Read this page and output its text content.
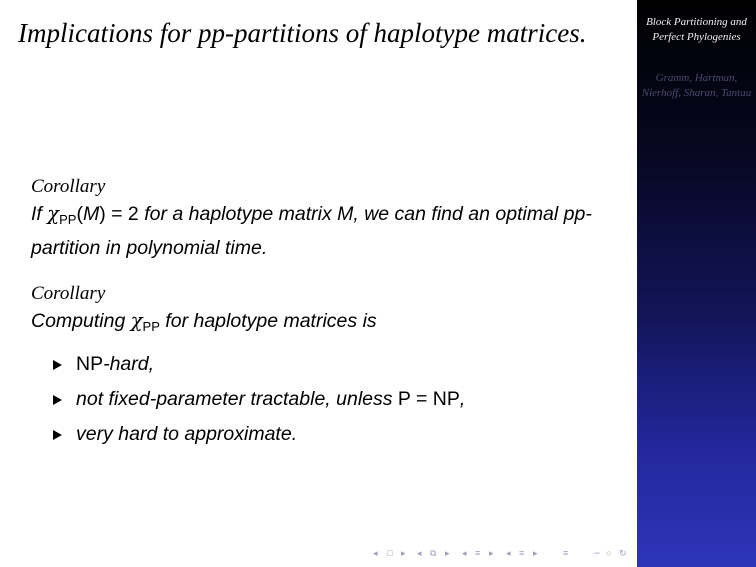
Implications for pp-partitions of haplotype matrices.
Corollary
If $\chi_{PP}(M) = 2$ for a haplotype matrix M, we can find an optimal pp-partition in polynomial time.
Corollary
Computing $\chi_{PP}$ for haplotype matrices is
NP-hard,
not fixed-parameter tractable, unless P = NP,
very hard to approximate.
◂ □ ▸ ◂ ⧉ ▸ ◂ ≡ ▸ ◂ ≡ ▸	≡	∽ ○ ↻
Block Partitioning and Perfect Phylogenies
Gramm, Hartman, Nierhoff, Sharan, Tantau
